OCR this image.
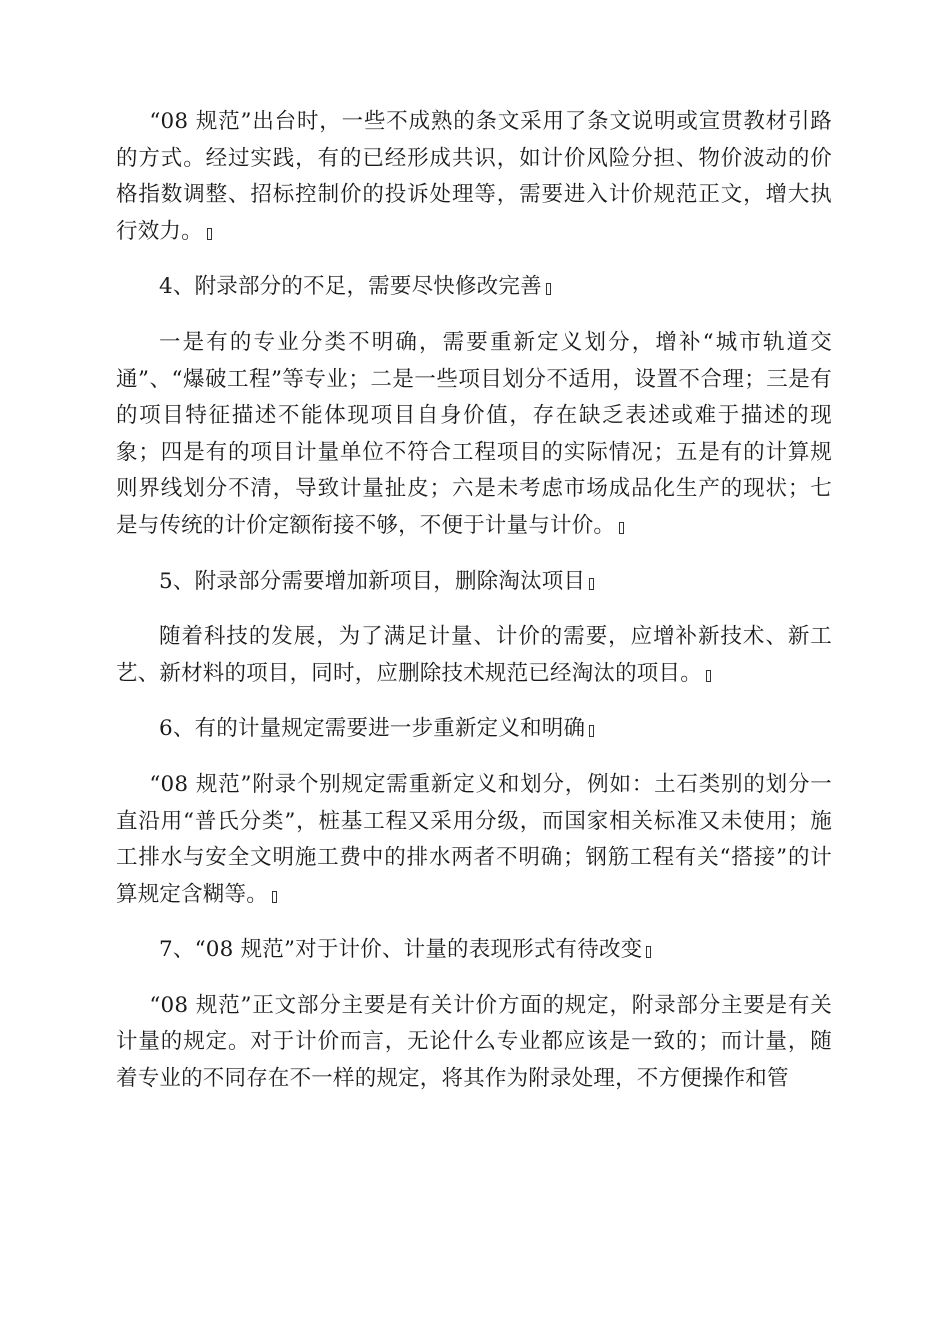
“08 规范”出台时，一些不成熟的条文采用了条文说明或宣贯教材引路的方式。经过实践，有的已经形成共识，如计价风险分担、物价波动的价格指数调整、招标控制价的投诉处理等，需要进入计价规范正文，增大执行效力。

4、附录部分的不足，需要尽快修改完善

一是有的专业分类不明确，需要重新定义划分，增补“城市轨道交通”、“爆破工程”等专业；二是一些项目划分不适用，设置不合理；三是有的项目特征描述不能体现项目自身价值，存在缺乏表述或难于描述的现象；四是有的项目计量单位不符合工程项目的实际情况；五是有的计算规则界线划分不清，导致计量扯皮；六是未考虑市场成品化生产的现状；七是与传统的计价定额衔接不够，不便于计量与计价。

5、附录部分需要增加新项目，删除淘汰项目

随着科技的发展，为了满足计量、计价的需要，应增补新技术、新工艺、新材料的项目，同时，应删除技术规范已经淘汰的项目。

6、有的计量规定需要进一步重新定义和明确

“08 规范”附录个别规定需重新定义和划分，例如：土石类别的划分一直沿用“普氏分类”，桩基工程又采用分级，而国家相关标准又未使用；施工排水与安全文明施工费中的排水两者不明确；钢筋工程有关“搭接”的计算规定含糊等。

7、“08 规范”对于计价、计量的表现形式有待改变

“08 规范”正文部分主要是有关计价方面的规定，附录部分主要是有关计量的规定。对于计价而言，无论什么专业都应该是一致的；而计量，随着专业的不同存在不一样的规定，将其作为附录处理，不方便操作和管
